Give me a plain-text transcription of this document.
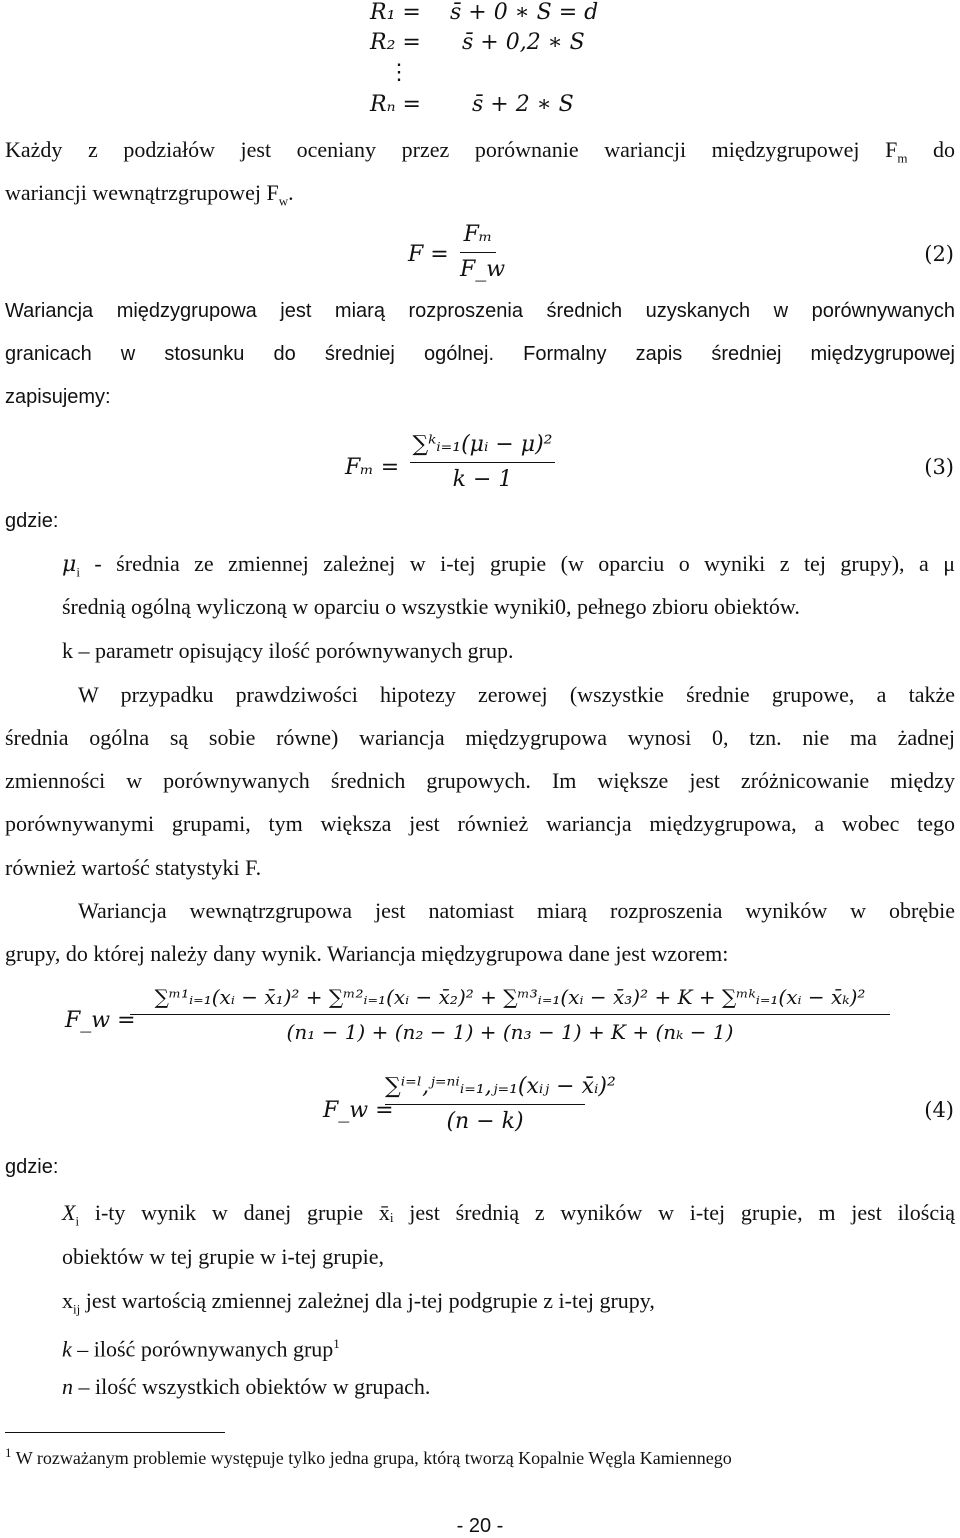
R₁ = s̄ + 0 ∗ S = d
R₂ = s̄ + 0,2 ∗ S
⋮
Rₙ = s̄ + 2 ∗ S
Każdy z podziałów jest oceniany przez porównanie wariancji międzygrupowej $F_m$ do
wariancji wewnątrzgrupowej $F_w$.
F =
Fₘ
F_w
(2)
Wariancja międzygrupowa jest miarą rozproszenia średnich uzyskanych w porównywanych
granicach w stosunku do średniej ogólnej. Formalny zapis średniej międzygrupowej
zapisujemy:
Fₘ =
∑ᵏᵢ₌₁(μᵢ − μ)²
k − 1	(3)
gdzie:
$\mu_i$ - średnia ze zmiennej zależnej w i-tej grupie (w oparciu o wyniki z tej grupy), a μ
średnią ogólną wyliczoną w oparciu o wszystkie wyniki0, pełnego zbioru obiektów.
k – parametr opisujący ilość porównywanych grup.
W przypadku prawdziwości hipotezy zerowej (wszystkie średnie grupowe, a także
średnia ogólna są sobie równe) wariancja międzygrupowa wynosi 0, tzn. nie ma żadnej
zmienności w porównywanych średnich grupowych. Im większe jest zróżnicowanie między
porównywanymi grupami, tym większa jest również wariancja międzygrupowa, a wobec tego
również wartość statystyki F.
Wariancja wewnątrzgrupowa jest natomiast miarą rozproszenia wyników w obrębie
grupy, do której należy dany wynik. Wariancja międzygrupowa dane jest wzorem:
F_w =
∑ᵐ¹ᵢ₌₁(xᵢ − x̄₁)² + ∑ᵐ²ᵢ₌₁(xᵢ − x̄₂)² + ∑ᵐ³ᵢ₌₁(xᵢ − x̄₃)² + K + ∑ᵐᵏᵢ₌₁(xᵢ − x̄ₖ)²
(n₁ − 1) + (n₂ − 1) + (n₃ − 1) + K + (nₖ − 1)
F_w =
∑ⁱ⁼ˡ,ʲ⁼ⁿⁱᵢ₌₁,ⱼ₌₁(xᵢⱼ − x̄ᵢ)²
(n − k)	(4)
gdzie:
$X_i$ i-ty wynik w danej grupie x̄ᵢ jest średnią z wyników w i-tej grupie, m jest ilością
obiektów w tej grupie w i-tej grupie,
$x_{ij}$ jest wartością zmiennej zależnej dla j-tej podgrupie z i-tej grupy,
k – ilość porównywanych grup$^1$
n – ilość wszystkich obiektów w grupach.
$^1$ W rozważanym problemie występuje tylko jedna grupa, którą tworzą Kopalnie Węgla Kamiennego
- 20 -
